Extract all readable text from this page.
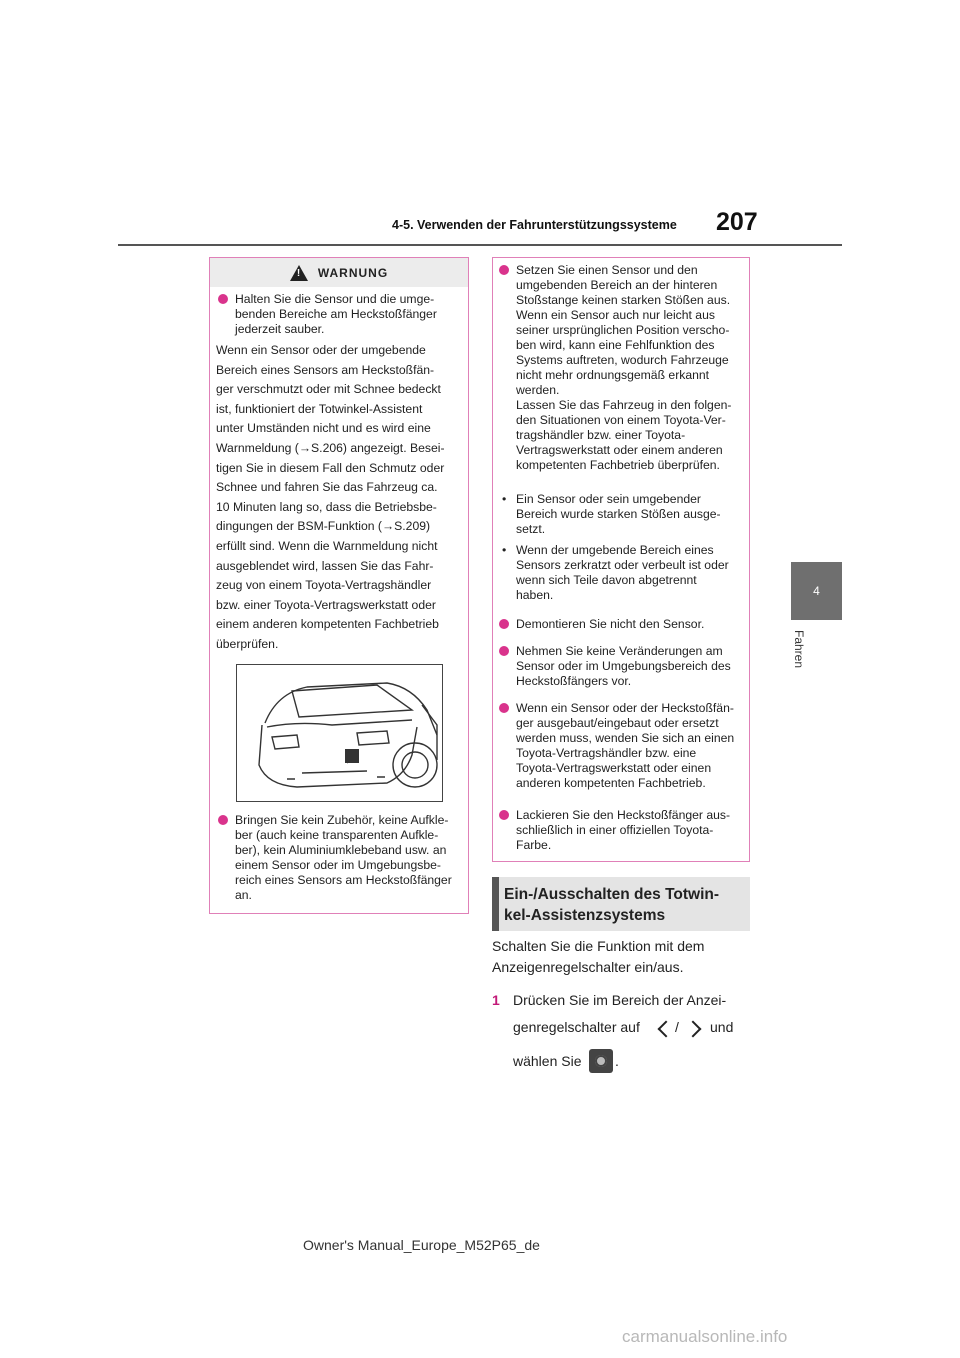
4-5. Verwenden der Fahrunterstützungssysteme 207
4
Fahren
!
WARNUNG
Halten Sie die Sensor und die umge-
benden Bereiche am Heckstoßfänger
jederzeit sauber.
Wenn ein Sensor oder der umgebende
Bereich eines Sensors am Heckstoßfän-
ger verschmutzt oder mit Schnee bedeckt
ist, funktioniert der Totwinkel-Assistent
unter Umständen nicht und es wird eine
Warnmeldung (→S.206) angezeigt. Besei-
tigen Sie in diesem Fall den Schmutz oder
Schnee und fahren Sie das Fahrzeug ca.
10 Minuten lang so, dass die Betriebsbe-
dingungen der BSM-Funktion (→S.209)
erfüllt sind. Wenn die Warnmeldung nicht
ausgeblendet wird, lassen Sie das Fahr-
zeug von einem Toyota-Vertragshändler
bzw. einer Toyota-Vertragswerkstatt oder
einem anderen kompetenten Fachbetrieb
überprüfen.
Bringen Sie kein Zubehör, keine Aufkle-
ber (auch keine transparenten Aufkle-
ber), kein Aluminiumklebeband usw. an
einem Sensor oder im Umgebungsbe-
reich eines Sensors am Heckstoßfänger
an.
Setzen Sie einen Sensor und den
umgebenden Bereich an der hinteren
Stoßstange keinen starken Stößen aus.
Wenn ein Sensor auch nur leicht aus
seiner ursprünglichen Position verscho-
ben wird, kann eine Fehlfunktion des
Systems auftreten, wodurch Fahrzeuge
nicht mehr ordnungsgemäß erkannt
werden.
Lassen Sie das Fahrzeug in den folgen-
den Situationen von einem Toyota-Ver-
tragshändler bzw. einer Toyota-
Vertragswerkstatt oder einem anderen
kompetenten Fachbetrieb überprüfen.
• Ein Sensor oder sein umgebender
Bereich wurde starken Stößen ausge-
setzt.
• Wenn der umgebende Bereich eines
Sensors zerkratzt oder verbeult ist oder
wenn sich Teile davon abgetrennt
haben.
Demontieren Sie nicht den Sensor.
Nehmen Sie keine Veränderungen am
Sensor oder im Umgebungsbereich des
Heckstoßfängers vor.
Wenn ein Sensor oder der Heckstoßfän-
ger ausgebaut/eingebaut oder ersetzt
werden muss, wenden Sie sich an einen
Toyota-Vertragshändler bzw. eine
Toyota-Vertragswerkstatt oder einen
anderen kompetenten Fachbetrieb.
Lackieren Sie den Heckstoßfänger aus-
schließlich in einer offiziellen Toyota-
Farbe.
Ein-/Ausschalten des Totwin-
kel-Assistenzsystems
Schalten Sie die Funktion mit dem
Anzeigenregelschalter ein/aus.
1 Drücken Sie im Bereich der Anzei-
genregelschalter auf	/ und
wählen Sie .
Owner's Manual_Europe_M52P65_de
carmanualsonline.info
